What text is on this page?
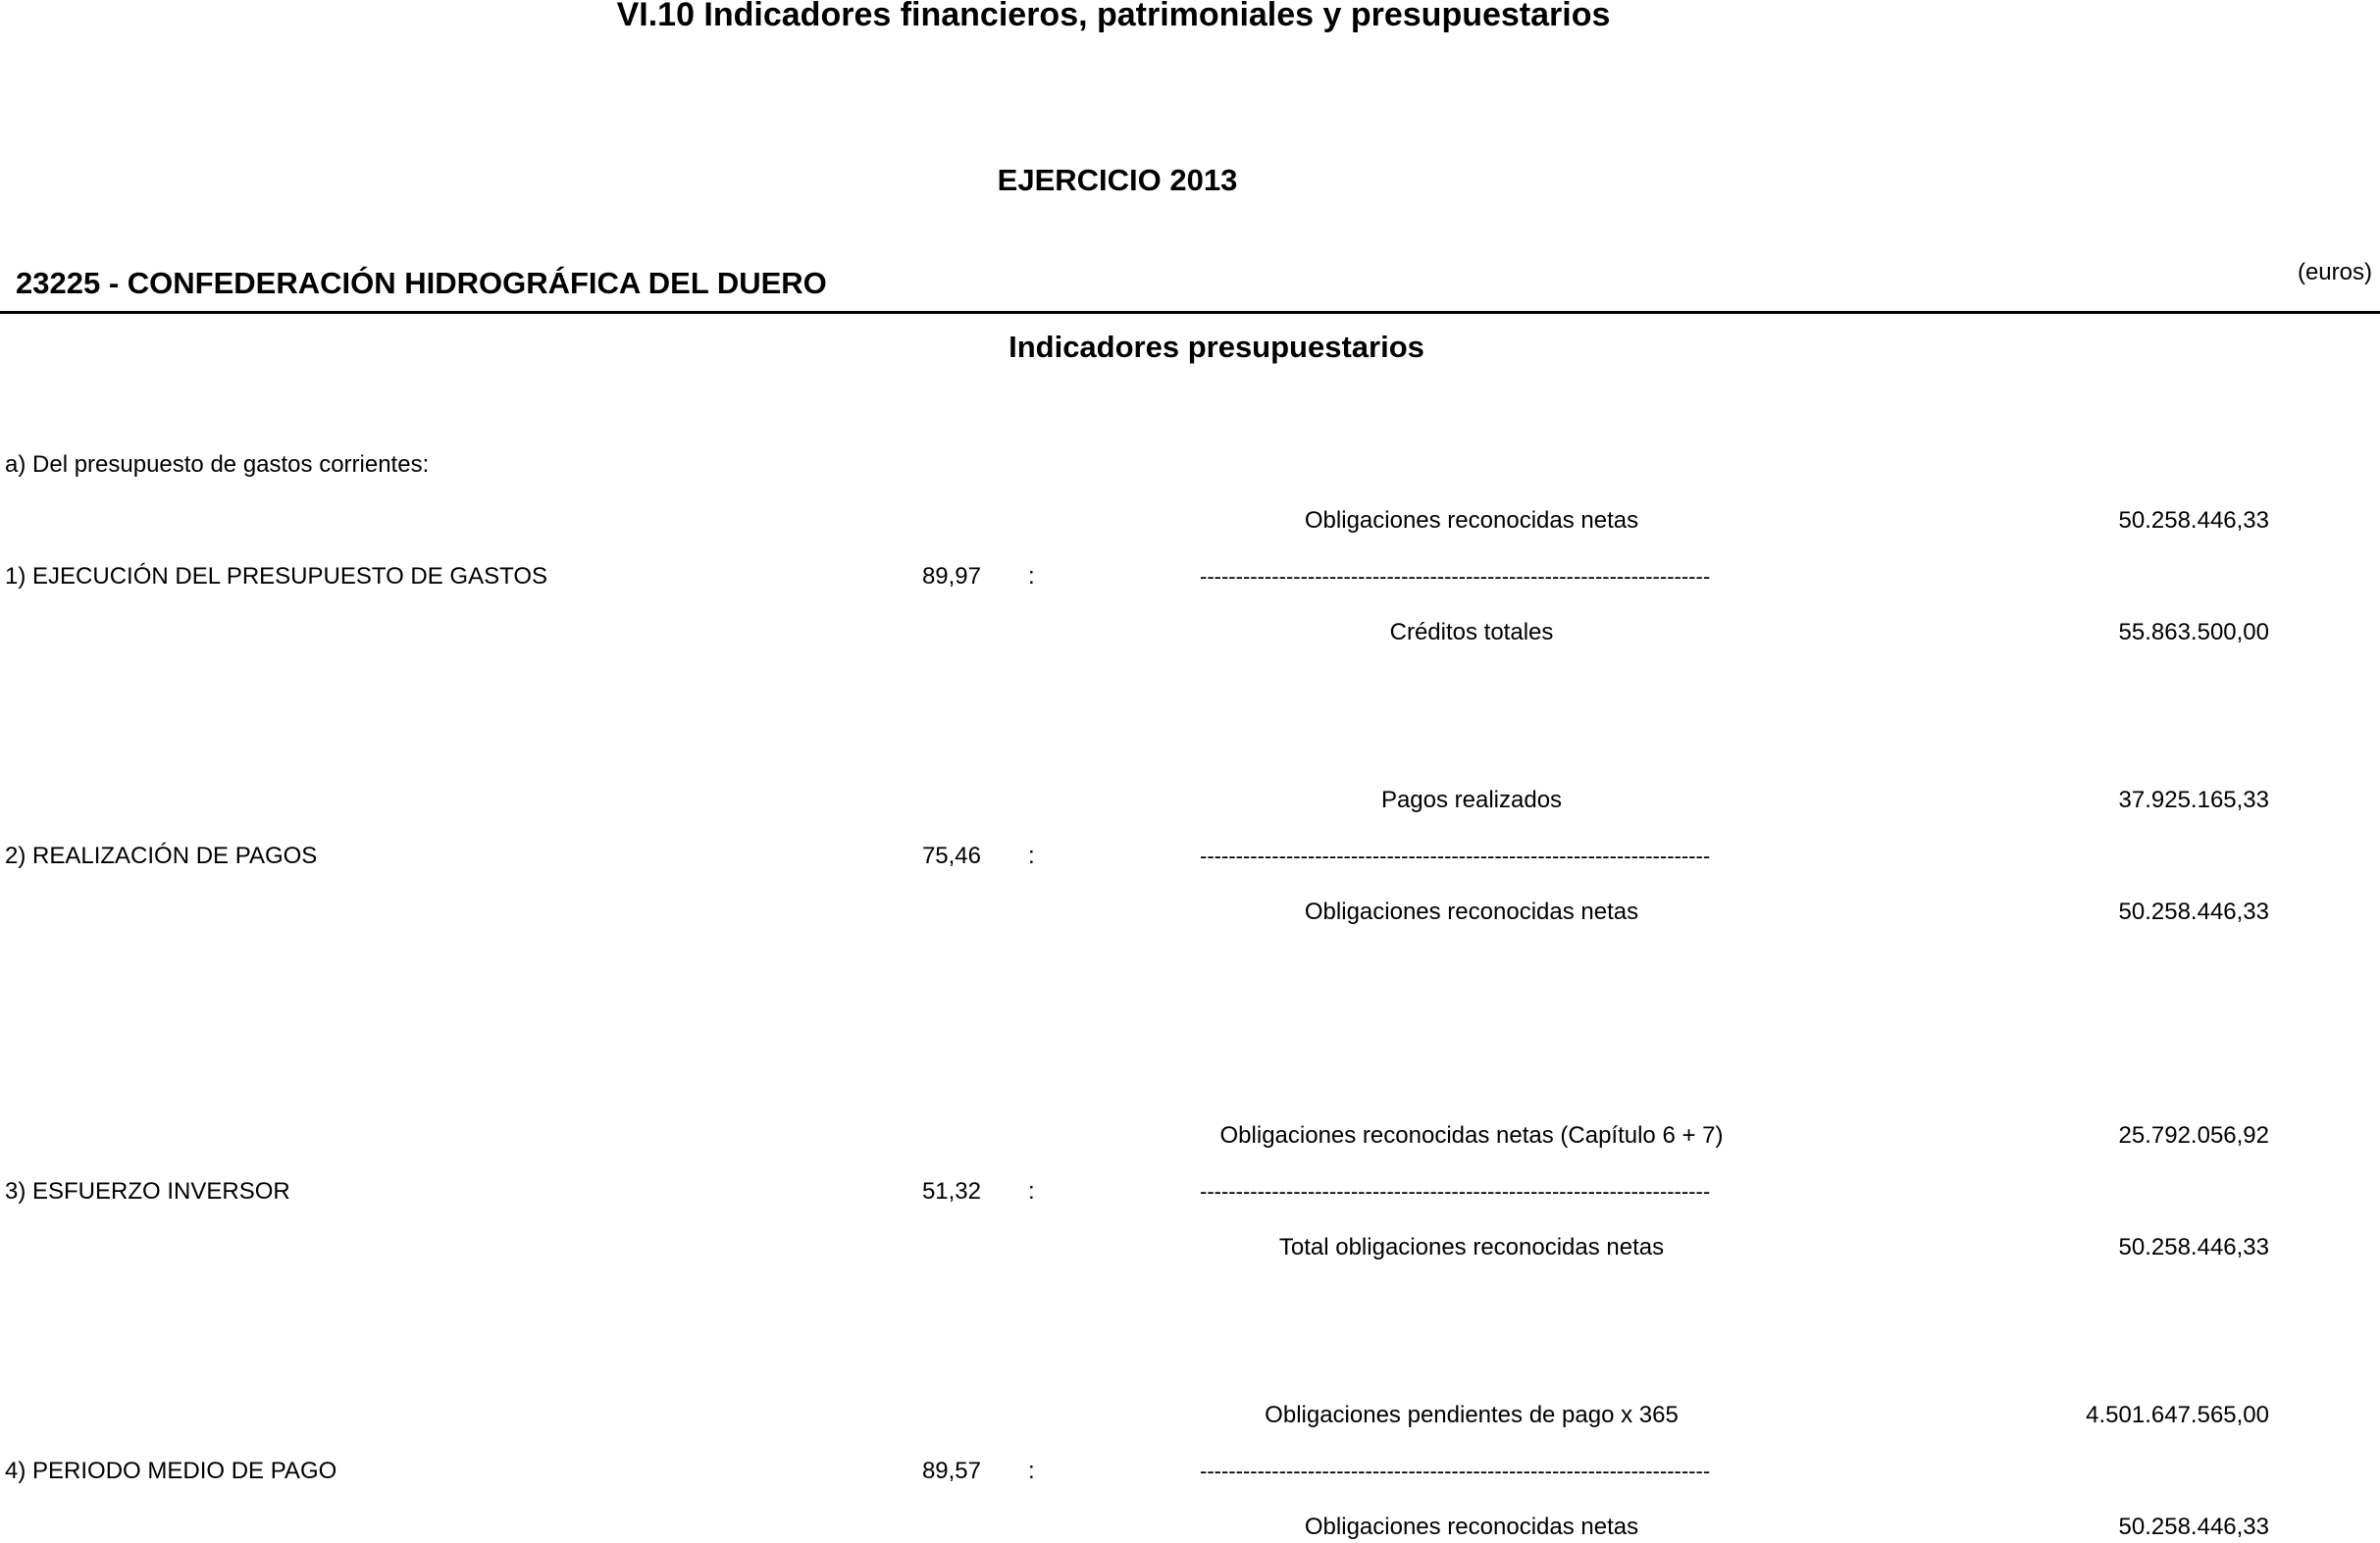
VI.10 Indicadores financieros, patrimoniales y presupuestarios
EJERCICIO 2013
23225 - CONFEDERACIÓN HIDROGRÁFICA DEL DUERO	(euros)
Indicadores presupuestarios
a) Del presupuesto de gastos corrientes:
Obligaciones reconocidas netas	50.258.446,33
1) EJECUCIÓN DEL PRESUPUESTO DE GASTOS	89,97 :	-----------------------------------------------------------------------
Créditos totales	55.863.500,00
Pagos realizados	37.925.165,33
2) REALIZACIÓN DE PAGOS	75,46 :	-----------------------------------------------------------------------
Obligaciones reconocidas netas	50.258.446,33
Obligaciones reconocidas netas (Capítulo 6 + 7)	25.792.056,92
3) ESFUERZO INVERSOR	51,32 :	-----------------------------------------------------------------------
Total obligaciones reconocidas netas	50.258.446,33
Obligaciones pendientes de pago x 365	4.501.647.565,00
4) PERIODO MEDIO DE PAGO	89,57 :	-----------------------------------------------------------------------
Obligaciones reconocidas netas	50.258.446,33
